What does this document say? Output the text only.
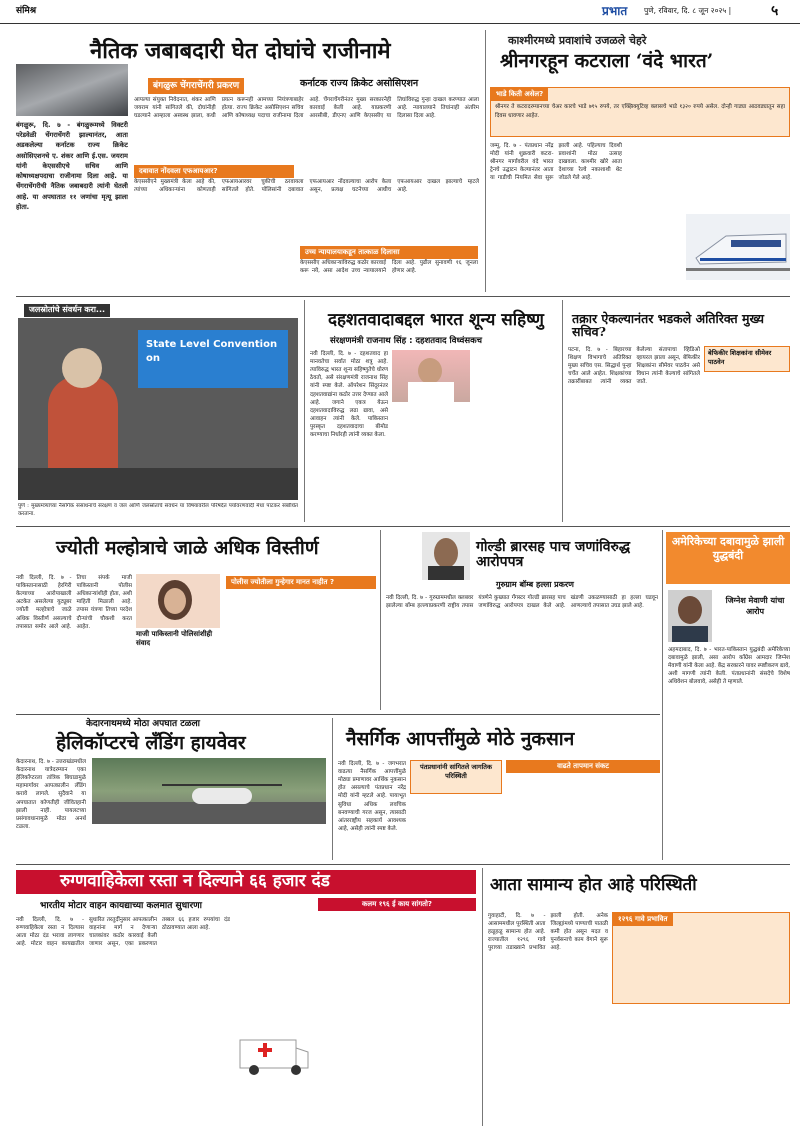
संमिश्र	प्रभात पुणे, रविवार, दि. ८ जून २०२५ |	५
नैतिक जबाबदारी घेत दोघांचे राजीनामे
बंगळुरू चेंगराचेंगरी प्रकरण	कर्नाटक राज्य क्रिकेट असोसिएशन
बंगळुरू, दि. ७ - बंगळुरूमध्ये विक्टरी परेडवेळी चेंगराचेंगरी झाल्यानंतर, आता अडकलेल्या कर्नाटक राज्य क्रिकेट असोसिएशनचे ए. शंकर आणि ई.एस. जयराम यांनी केएससीएचे सचिव आणि कोषाध्यक्षपदाचा राजीनामा दिला आहे. या चेंगराचेंगरीची नैतिक जबाबदारी त्यांनी घेतली आहे. या अपघातात ११ जणांचा मृत्यू झाला होता.
आपल्या संयुक्त निवेदनात, शंकर आणि जयराम यांनी सांगितले की, दोघांनीही घडल्याने आम्हाला अस्वस्थ झाला, कधी प्रयत्न करूनही आमच्या नियंत्रणाबाहेर होत्या. राज्य क्रिकेट असोसिएशन सचिव आणि कोषाध्यक्ष पदाचा राजीनामा दिला आहे. चेंगराचेंगरीनंतर मुख्य सरकारनेही कारवाई केली आहे. याप्रकरणी आरसीबी, डीएनए आणि केएससीए या तिघांविरुद्ध गुन्हा दाखल करण्यात आला आहे. न्यायालयाने तिघांनाही अंतरिम दिलासा दिला आहे.
दबावात नोंदवला एफआयआर?
केएससीएने मुख्यमंत्री केला आहे की, त्यांच्या अधिकाऱ्यांना कोणताही एफआयआरवर चुकीची ठरवायला सांगितले होते. पोलिसांनी दबावात एफआयआर नोंदवल्याचा आरोप केला असून, प्रत्यक्ष घटनेच्या आधीच एफआयआर दाखल झाल्याचे म्हटले आहे.
उच्च न्यायालयाकडून तात्काळ दिलासा
केएससीए अधिकाऱ्यांविरुद्ध कठोर कारवाई करू नये, असा आदेश उच्च न्यायालयाने दिला आहे. पुढील सुनावणी १६ जूनला होणार आहे.
काश्मीरमध्ये प्रवाशांचे उजळले चेहरे
श्रीनगरहून कटराला ‘वंदे भारत’
भाडे किती असेल?
श्रीनगर ते कटरादरम्यानच्या चेअर कारचे भाडे ७१५ रुपये, तर एक्झिक्युटिव्ह क्लासचे भाडे १३२० रुपये असेल. दोन्ही गाड्या आठवड्यातून सहा दिवस धावणार आहेत.
जम्मू, दि. ७ - पंतप्रधान नरेंद्र मोदी यांनी शुक्रवारी कटरा-श्रीनगर मार्गावरील वंदे भारत ट्रेनचे उद्घाटन केल्यानंतर आता या गाडीची नियमित सेवा सुरू झाली आहे. पहिल्याच दिवशी प्रवाशांनी मोठा उत्साह दाखवला. काश्मीर खोरे आता देशाच्या रेल्वे नकाशाशी थेट जोडले गेले आहे.
जलस्रोतांचे संवर्धन करा...
State Level Convention on
पुणे : मुख्यमंत्र्यांच्या नैसर्गिक संसाधनांचे संरक्षण व जल आणि जलस्रोतांचे संवर्धन या विषयावरील परिषदेत पर्यावरणवादी मेधा पाटकर संबोधित करताना.
दहशतवादाबद्दल भारत शून्य सहिष्णु
संरक्षणमंत्री राजनाथ सिंह : दहशतवाद विध्वंसकच
नवी दिल्ली, दि. ७ - दहशतवाद हा मानवतेचा सर्वात मोठा शत्रू आहे. त्याविरुद्ध भारत शून्य सहिष्णुतेचे धोरण ठेवतो, असे संरक्षणमंत्री राजनाथ सिंह यांनी स्पष्ट केले. ऑपरेशन सिंदूरनंतर दहशतवाद्यांना कठोर उत्तर देण्यात आले आहे. जगाने एकत्र येऊन दहशतवादाविरुद्ध लढा द्यावा, असे आवाहन त्यांनी केले. पाकिस्तान पुरस्कृत दहशतवादाचा बीमोड करण्याचा निर्धारही त्यांनी व्यक्त केला.
तक्रार ऐकल्यानंतर भडकले अतिरिक्त मुख्य सचिव?
बेफिकीर शिक्षकांना सीमेवर पाठवेन
पटना, दि. ७ - बिहारच्या शिक्षण विभागाचे अतिरिक्त मुख्य सचिव एस. सिद्धार्थ पुन्हा चर्चेत आले आहेत. शिक्षकांच्या तक्रारींबाबत त्यांनी व्यक्त केलेल्या संतापाचा व्हिडिओ व्हायरल झाला असून, बेफिकीर शिक्षकांना सीमेवर पाठवेन असे विधान त्यांनी केल्याचे सांगितले जाते.
ज्योती मल्होत्राचे जाळे अधिक विस्तीर्ण
माजी पाकिस्तानी पोलिसांशीही संवाद
पोलीस ज्योतीला गुन्हेगार मानत नाहीत ?
नवी दिल्ली, दि. ७ - पाकिस्तानासाठी हेरगिरी केल्याच्या आरोपाखाली अटकेत असलेल्या युट्यूबर ज्योती मल्होत्राचे जाळे अधिक विस्तीर्ण असल्याचे तपासात समोर आले आहे. तिचा संपर्क माजी पाकिस्तानी पोलीस अधिकाऱ्यांशीही होता, अशी माहिती मिळाली आहे. तपास यंत्रणा तिच्या परदेश दौऱ्यांची चौकशी करत आहेत.
गोल्डी ब्रारसह पाच जणांविरुद्ध आरोपपत्र
गुरुग्राम बॉम्ब हल्ला प्रकरण
नवी दिल्ली, दि. ७ - गुरुग्राममधील क्लबवर झालेल्या बॉम्ब हल्ल्याप्रकरणी राष्ट्रीय तपास यंत्रणेने कुख्यात गँगस्टर गोल्डी ब्रारसह पाच जणांविरुद्ध आरोपपत्र दाखल केले आहे. खंडणी उकळण्यासाठी हा हल्ला घडवून आणल्याचे तपासात उघड झाले आहे.
अमेरिकेच्या दबावामुळे झाली युद्धबंदी
जिग्नेश मेवाणी यांचा आरोप
अहमदाबाद, दि. ७ - भारत-पाकिस्तान युद्धबंदी अमेरिकेच्या दबावामुळे झाली, असा आरोप काँग्रेस आमदार जिग्नेश मेवाणी यांनी केला आहे. केंद्र सरकारने यावर स्पष्टीकरण द्यावे, अशी मागणी त्यांनी केली. पंतप्रधानांनी संसदेचे विशेष अधिवेशन बोलवावे, असेही ते म्हणाले.
केदारनाथमध्ये मोठा अपघात टळला
हेलिकॉप्टरचे लँडिंग हायवेवर
केदारनाथ, दि. ७ - उत्तराखंडमधील केदारनाथ यात्रेदरम्यान एका हेलिकॉप्टरला तांत्रिक बिघाडामुळे महामार्गावर आपत्कालीन लँडिंग करावे लागले. सुदैवाने या अपघातात कोणतीही जीवितहानी झाली नाही. पायलटच्या प्रसंगावधानामुळे मोठा अनर्थ टळला.
नैसर्गिक आपत्तींमुळे मोठे नुकसान
पंतप्रधानांनी सांगितले जागतिक परिस्थिती
वाढते तापमान संकट
नवी दिल्ली, दि. ७ - जगभरात वाढत्या नैसर्गिक आपत्तींमुळे मोठ्या प्रमाणावर आर्थिक नुकसान होत असल्याचे पंतप्रधान नरेंद्र मोदी यांनी म्हटले आहे. पायाभूत सुविधा अधिक लवचिक बनवण्याची गरज असून, त्यासाठी आंतरराष्ट्रीय सहकार्य आवश्यक आहे, असेही त्यांनी स्पष्ट केले.
रुग्णवाहिकेला रस्ता न दिल्याने ६६ हजार दंड
भारतीय मोटार वाहन कायद्याच्या कलमात सुधारणा	कलम १९६ ई काय सांगतो?
नवी दिल्ली, दि. ७ - रुग्णवाहिकेला रस्ता न दिल्यास आता मोठा दंड भरावा लागणार आहे. मोटार वाहन कायद्यातील सुधारित तरतुदींनुसार आपत्कालीन वाहनांना मार्ग न देणाऱ्या चालकांवर कठोर कारवाई केली जाणार असून, एका प्रकरणात तब्बल ६६ हजार रुपयांचा दंड ठोठावण्यात आला आहे.
आता सामान्य होत आहे परिस्थिती
गुवाहाटी, दि. ७ - आसाममधील पूरस्थिती आता हळूहळू सामान्य होत आहे. राज्यातील १२९६ गावे पुराच्या तडाख्याने प्रभावित झाली होती. अनेक जिल्ह्यांमध्ये पाण्याची पातळी कमी होत असून मदत व पुनर्वसनाचे काम वेगाने सुरू आहे.
१२९६ गावे प्रभावित
